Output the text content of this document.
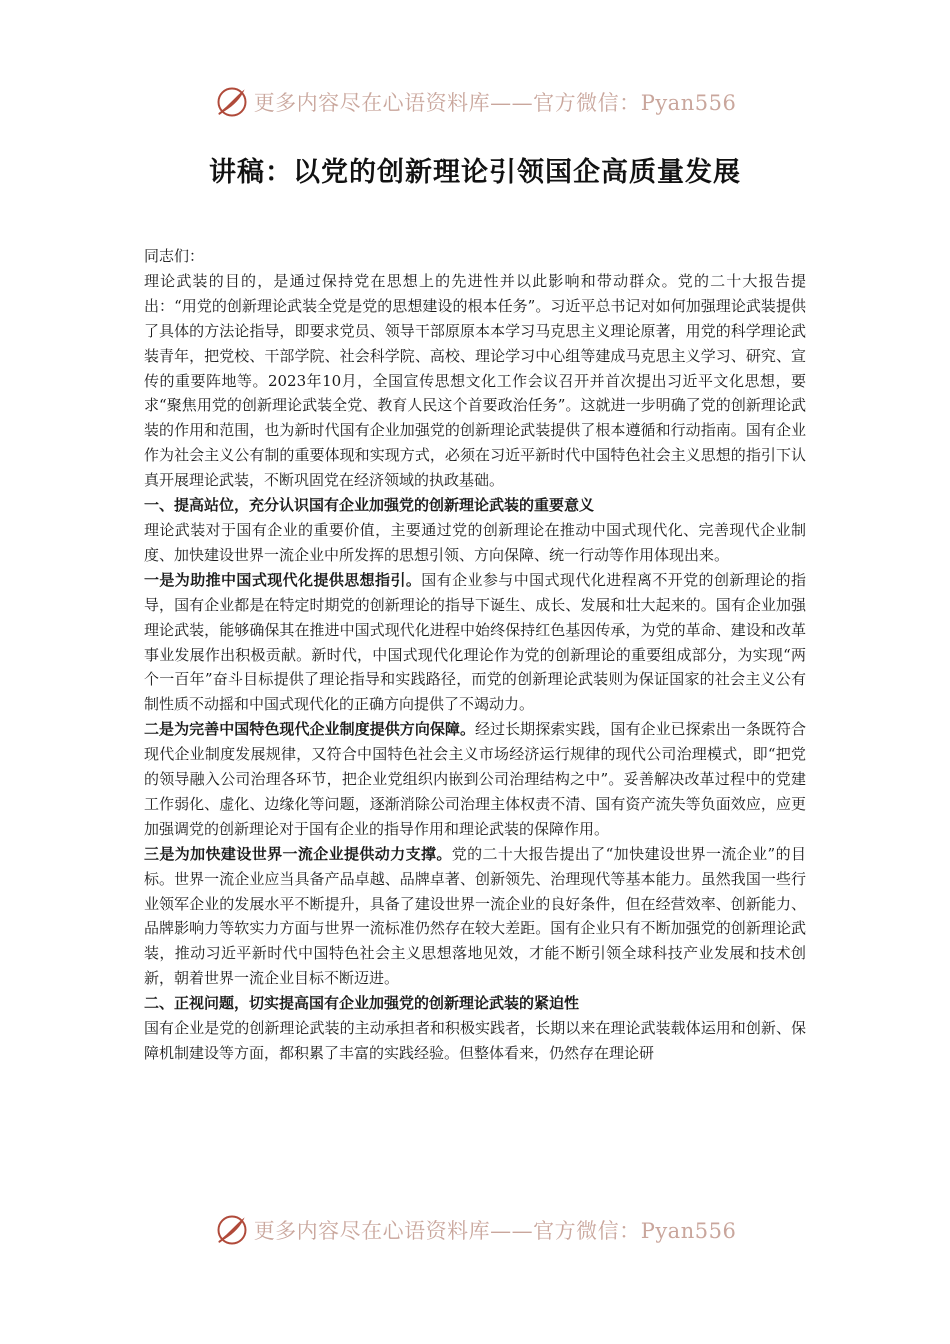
更多内容尽在心语资料库——官方微信：Pyan556
讲稿：以党的创新理论引领国企高质量发展

同志们：

理论武装的目的，是通过保持党在思想上的先进性并以此影响和带动群众。党的二十大报告提出：“用党的创新理论武装全党是党的思想建设的根本任务”。习近平总书记对如何加强理论武装提供了具体的方法论指导，即要求党员、领导干部原原本本学习马克思主义理论原著，用党的科学理论武装青年，把党校、干部学院、社会科学院、高校、理论学习中心组等建成马克思主义学习、研究、宣传的重要阵地等。2023年10月，全国宣传思想文化工作会议召开并首次提出习近平文化思想，要求“聚焦用党的创新理论武装全党、教育人民这个首要政治任务”。这就进一步明确了党的创新理论武装的作用和范围，也为新时代国有企业加强党的创新理论武装提供了根本遵循和行动指南。国有企业作为社会主义公有制的重要体现和实现方式，必须在习近平新时代中国特色社会主义思想的指引下认真开展理论武装，不断巩固党在经济领域的执政基础。

一、提高站位，充分认识国有企业加强党的创新理论武装的重要意义

理论武装对于国有企业的重要价值，主要通过党的创新理论在推动中国式现代化、完善现代企业制度、加快建设世界一流企业中所发挥的思想引领、方向保障、统一行动等作用体现出来。

一是为助推中国式现代化提供思想指引。国有企业参与中国式现代化进程离不开党的创新理论的指导，国有企业都是在特定时期党的创新理论的指导下诞生、成长、发展和壮大起来的。国有企业加强理论武装，能够确保其在推进中国式现代化进程中始终保持红色基因传承，为党的革命、建设和改革事业发展作出积极贡献。新时代，中国式现代化理论作为党的创新理论的重要组成部分，为实现“两个一百年”奋斗目标提供了理论指导和实践路径，而党的创新理论武装则为保证国家的社会主义公有制性质不动摇和中国式现代化的正确方向提供了不竭动力。

二是为完善中国特色现代企业制度提供方向保障。经过长期探索实践，国有企业已探索出一条既符合现代企业制度发展规律，又符合中国特色社会主义市场经济运行规律的现代公司治理模式，即“把党的领导融入公司治理各环节，把企业党组织内嵌到公司治理结构之中”。妥善解决改革过程中的党建工作弱化、虚化、边缘化等问题，逐渐消除公司治理主体权责不清、国有资产流失等负面效应，应更加强调党的创新理论对于国有企业的指导作用和理论武装的保障作用。

三是为加快建设世界一流企业提供动力支撑。党的二十大报告提出了“加快建设世界一流企业”的目标。世界一流企业应当具备产品卓越、品牌卓著、创新领先、治理现代等基本能力。虽然我国一些行业领军企业的发展水平不断提升，具备了建设世界一流企业的良好条件，但在经营效率、创新能力、品牌影响力等软实力方面与世界一流标准仍然存在较大差距。国有企业只有不断加强党的创新理论武装，推动习近平新时代中国特色社会主义思想落地见效，才能不断引领全球科技产业发展和技术创新，朝着世界一流企业目标不断迈进。

二、正视问题，切实提高国有企业加强党的创新理论武装的紧迫性

国有企业是党的创新理论武装的主动承担者和积极实践者，长期以来在理论武装载体运用和创新、保障机制建设等方面，都积累了丰富的实践经验。但整体看来，仍然存在理论研

更多内容尽在心语资料库——官方微信：Pyan556
